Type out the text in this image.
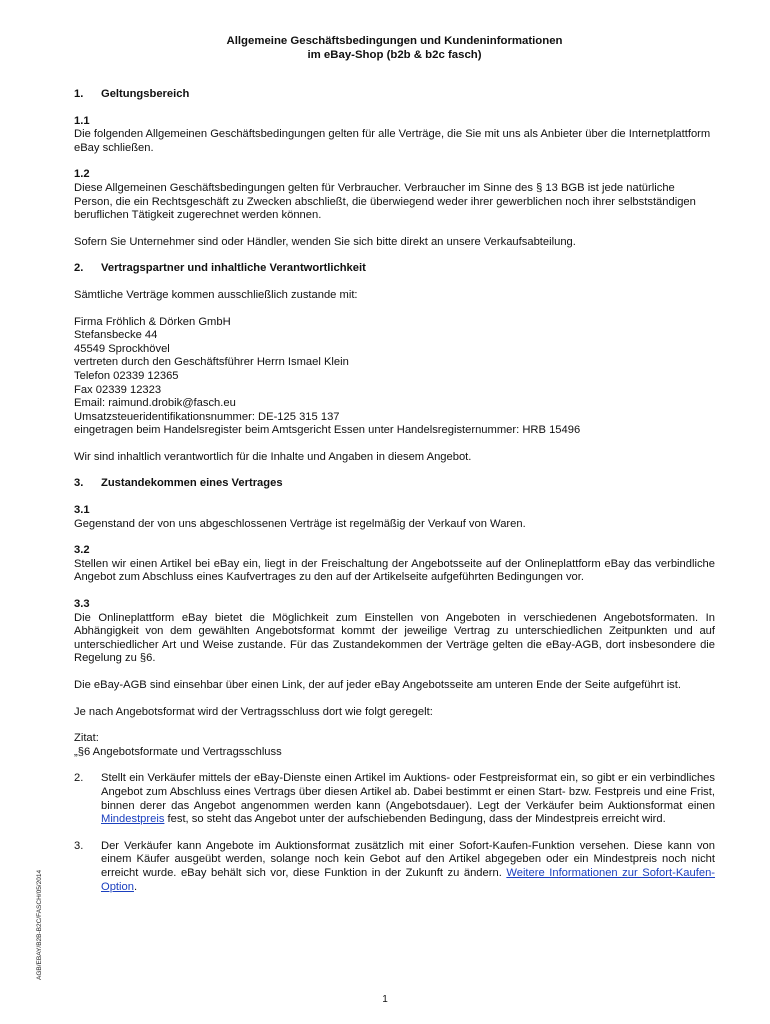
Allgemeine Geschäftsbedingungen und Kundeninformationen
im eBay-Shop (b2b & b2c fasch)
1.	Geltungsbereich
1.1

Die folgenden Allgemeinen Geschäftsbedingungen gelten für alle Verträge, die Sie mit uns als Anbieter über die Internetplattform eBay schließen.

1.2

Diese Allgemeinen Geschäftsbedingungen gelten für Verbraucher. Verbraucher im Sinne des § 13 BGB ist jede natürliche Person, die ein Rechtsgeschäft zu Zwecken abschließt, die überwiegend weder ihrer gewerblichen noch ihrer selbstständigen beruflichen Tätigkeit zugerechnet werden können.

Sofern Sie Unternehmer sind oder Händler, wenden Sie sich bitte direkt an unsere Verkaufsabteilung.

2.	Vertragspartner und inhaltliche Verantwortlichkeit

Sämtliche Verträge kommen ausschließlich zustande mit:

Firma Fröhlich & Dörken GmbH
Stefansbecke 44
45549 Sprockhövel
vertreten durch den Geschäftsführer Herrn Ismael Klein
Telefon 02339 12365
Fax 02339 12323
Email: raimund.drobik@fasch.eu
Umsatzsteueridentifikationsnummer: DE-125 315 137
eingetragen beim Handelsregister beim Amtsgericht Essen unter Handelsregisternummer: HRB 15496

Wir sind inhaltlich verantwortlich für die Inhalte und Angaben in diesem Angebot.

3.	Zustandekommen eines Vertrages
3.1

Gegenstand der von uns abgeschlossenen Verträge ist regelmäßig der Verkauf von Waren.

3.2

Stellen wir einen Artikel bei eBay ein, liegt in der Freischaltung der Angebotsseite auf der Onlineplattform eBay das verbindliche Angebot zum Abschluss eines Kaufvertrages zu den auf der Artikelseite aufgeführten Bedingungen vor.

3.3

Die Onlineplattform eBay bietet die Möglichkeit zum Einstellen von Angeboten in verschiedenen Angebotsformaten. In Abhängigkeit von dem gewählten Angebotsformat kommt der jeweilige Vertrag zu unterschiedlichen Zeitpunkten und auf unterschiedlicher Art und Weise zustande. Für das Zustandekommen der Verträge gelten die eBay-AGB, dort insbesondere die Regelung zu §6.

Die eBay-AGB sind einsehbar über einen Link, der auf jeder eBay Angebotsseite am unteren Ende der Seite aufgeführt ist.

Je nach Angebotsformat wird der Vertragsschluss dort wie folgt geregelt:

Zitat:
„§6 Angebotsformate und Vertragsschluss
2.	Stellt ein Verkäufer mittels der eBay-Dienste einen Artikel im Auktions- oder Festpreisformat ein, so gibt er ein verbindliches Angebot zum Abschluss eines Vertrags über diesen Artikel ab. Dabei bestimmt er einen Start- bzw. Festpreis und eine Frist, binnen derer das Angebot angenommen werden kann (Angebotsdauer). Legt der Verkäufer beim Auktionsformat einen Mindestpreis fest, so steht das Angebot unter der aufschiebenden Bedingung, dass der Mindestpreis erreicht wird.
3.	Der Verkäufer kann Angebote im Auktionsformat zusätzlich mit einer Sofort-Kaufen-Funktion versehen. Diese kann von einem Käufer ausgeübt werden, solange noch kein Gebot auf den Artikel abgegeben oder ein Mindestpreis noch nicht erreicht wurde. eBay behält sich vor, diese Funktion in der Zukunft zu ändern. Weitere Informationen zur Sofort-Kaufen-Option.
AGB/EBAY/B2B-B2C/FASCH/05/2014
1
